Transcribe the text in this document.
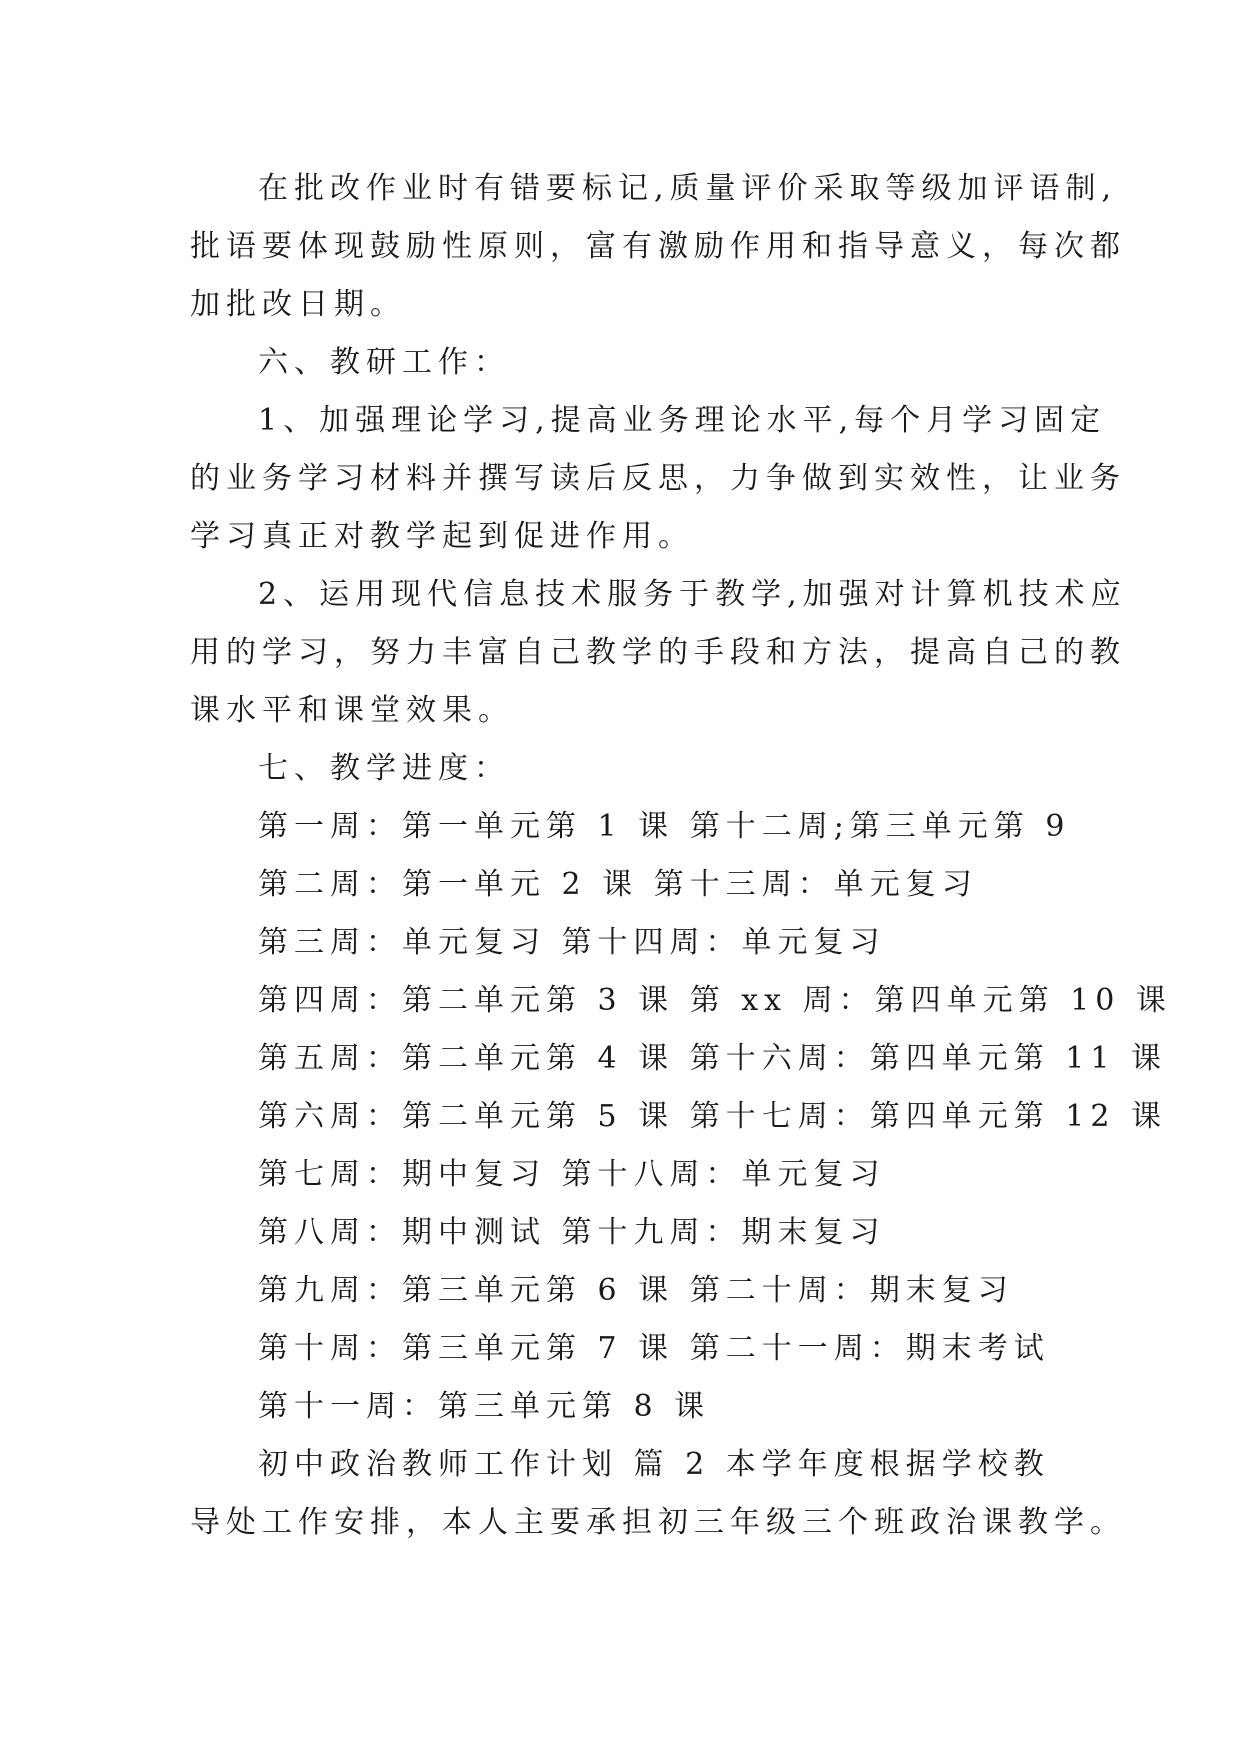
在批改作业时有错要标记,质量评价采取等级加评语制,
批语要体现鼓励性原则，富有激励作用和指导意义，每次都
加批改日期。
六、教研工作：
1、加强理论学习,提高业务理论水平,每个月学习固定
的业务学习材料并撰写读后反思，力争做到实效性，让业务
学习真正对教学起到促进作用。
2、运用现代信息技术服务于教学,加强对计算机技术应
用的学习，努力丰富自己教学的手段和方法，提高自己的教
课水平和课堂效果。
七、教学进度：
第一周：第一单元第 1 课 第十二周;第三单元第 9
第二周：第一单元 2 课 第十三周：单元复习
第三周：单元复习 第十四周：单元复习
第四周：第二单元第 3 课 第 xx 周：第四单元第 10 课
第五周：第二单元第 4 课 第十六周：第四单元第 11 课
第六周：第二单元第 5 课 第十七周：第四单元第 12 课
第七周：期中复习 第十八周：单元复习
第八周：期中测试 第十九周：期末复习
第九周：第三单元第 6 课 第二十周：期末复习
第十周：第三单元第 7 课 第二十一周：期末考试
第十一周：第三单元第 8 课
初中政治教师工作计划 篇 2 本学年度根据学校教
导处工作安排，本人主要承担初三年级三个班政治课教学。
